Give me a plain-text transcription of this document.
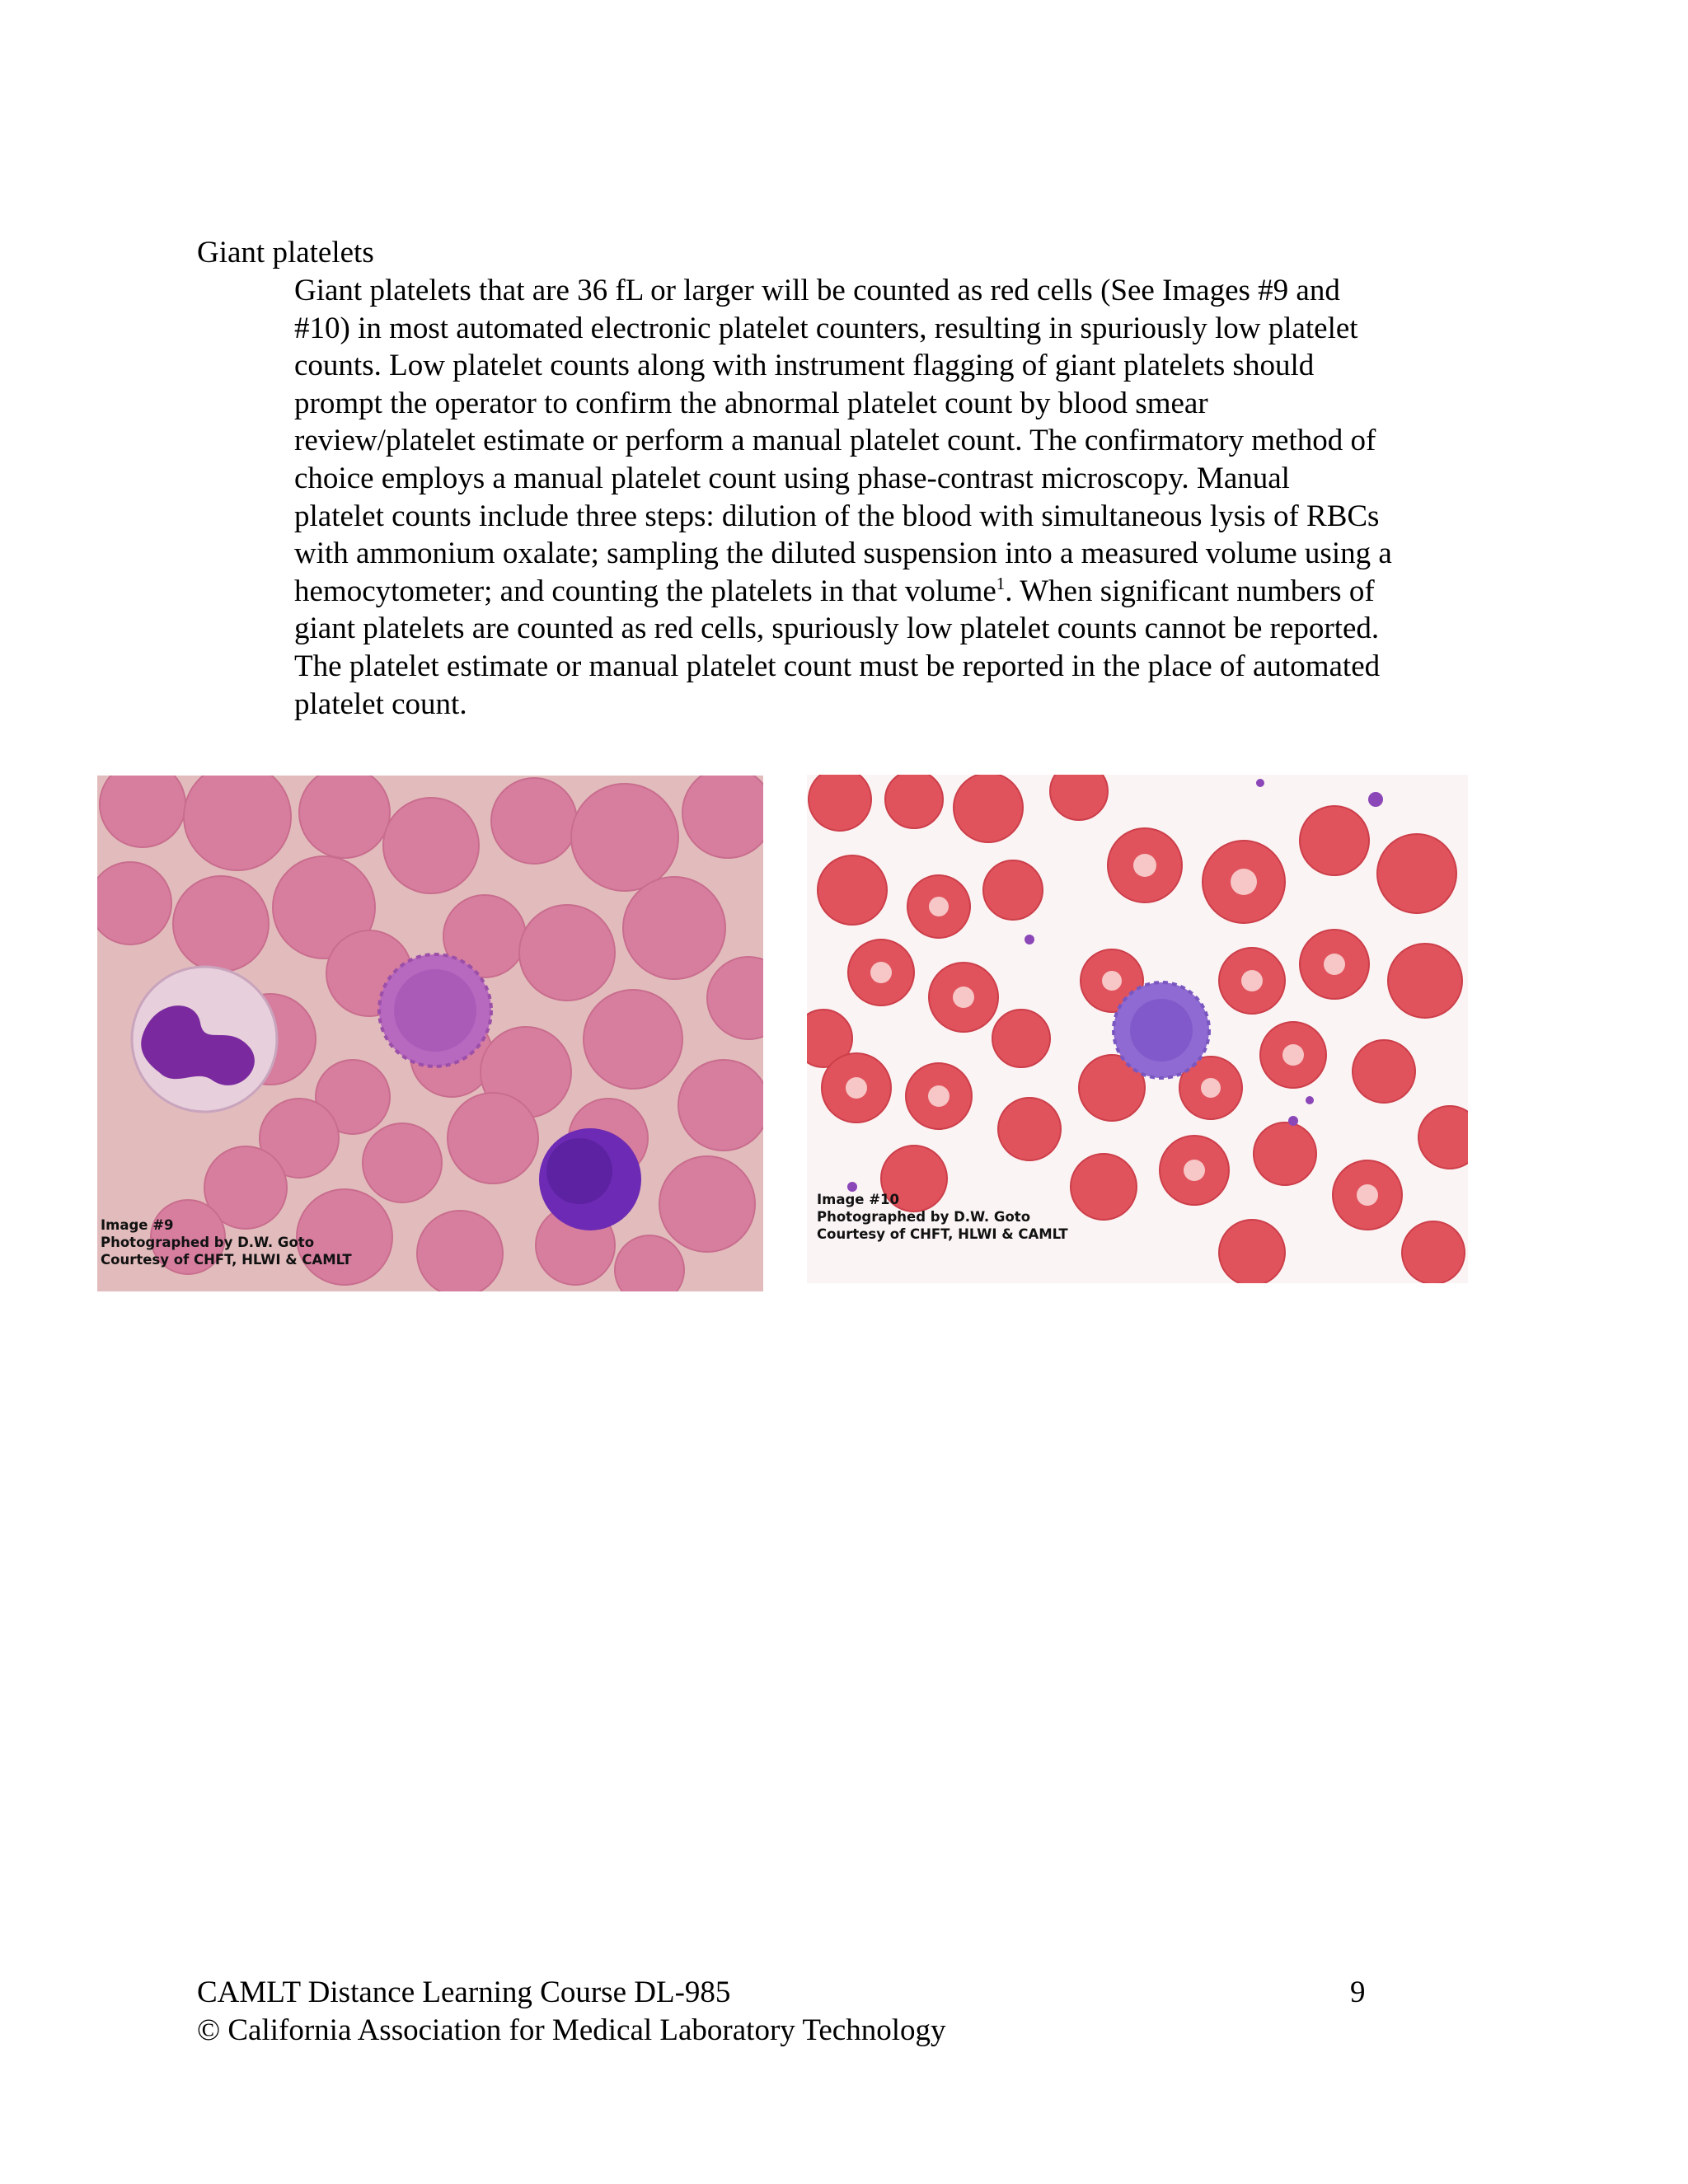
Giant platelets

Giant platelets that are 36 fL or larger will be counted as red cells (See Images #9 and
#10) in most automated electronic platelet counters, resulting in spuriously low platelet
counts. Low platelet counts along with instrument flagging of giant platelets should
prompt the operator to confirm the abnormal platelet count by blood smear
review/platelet estimate or perform a manual platelet count. The confirmatory method of
choice employs a manual platelet count using phase-contrast microscopy. Manual
platelet counts include three steps: dilution of the blood with simultaneous lysis of RBCs
with ammonium oxalate; sampling the diluted suspension into a measured volume using a
hemocytometer; and counting the platelets in that volume$^1$. When significant numbers of
giant platelets are counted as red cells, spuriously low platelet counts cannot be reported.
The platelet estimate or manual platelet count must be reported in the place of automated
platelet count.

Image #9
Photographed by D.W. Goto
Courtesy of CHFT, HLWI & CAMLT
Image #10
Photographed by D.W. Goto
Courtesy of CHFT, HLWI & CAMLT
CAMLT Distance Learning Course DL-985
© California Association for Medical Laboratory Technology
9
